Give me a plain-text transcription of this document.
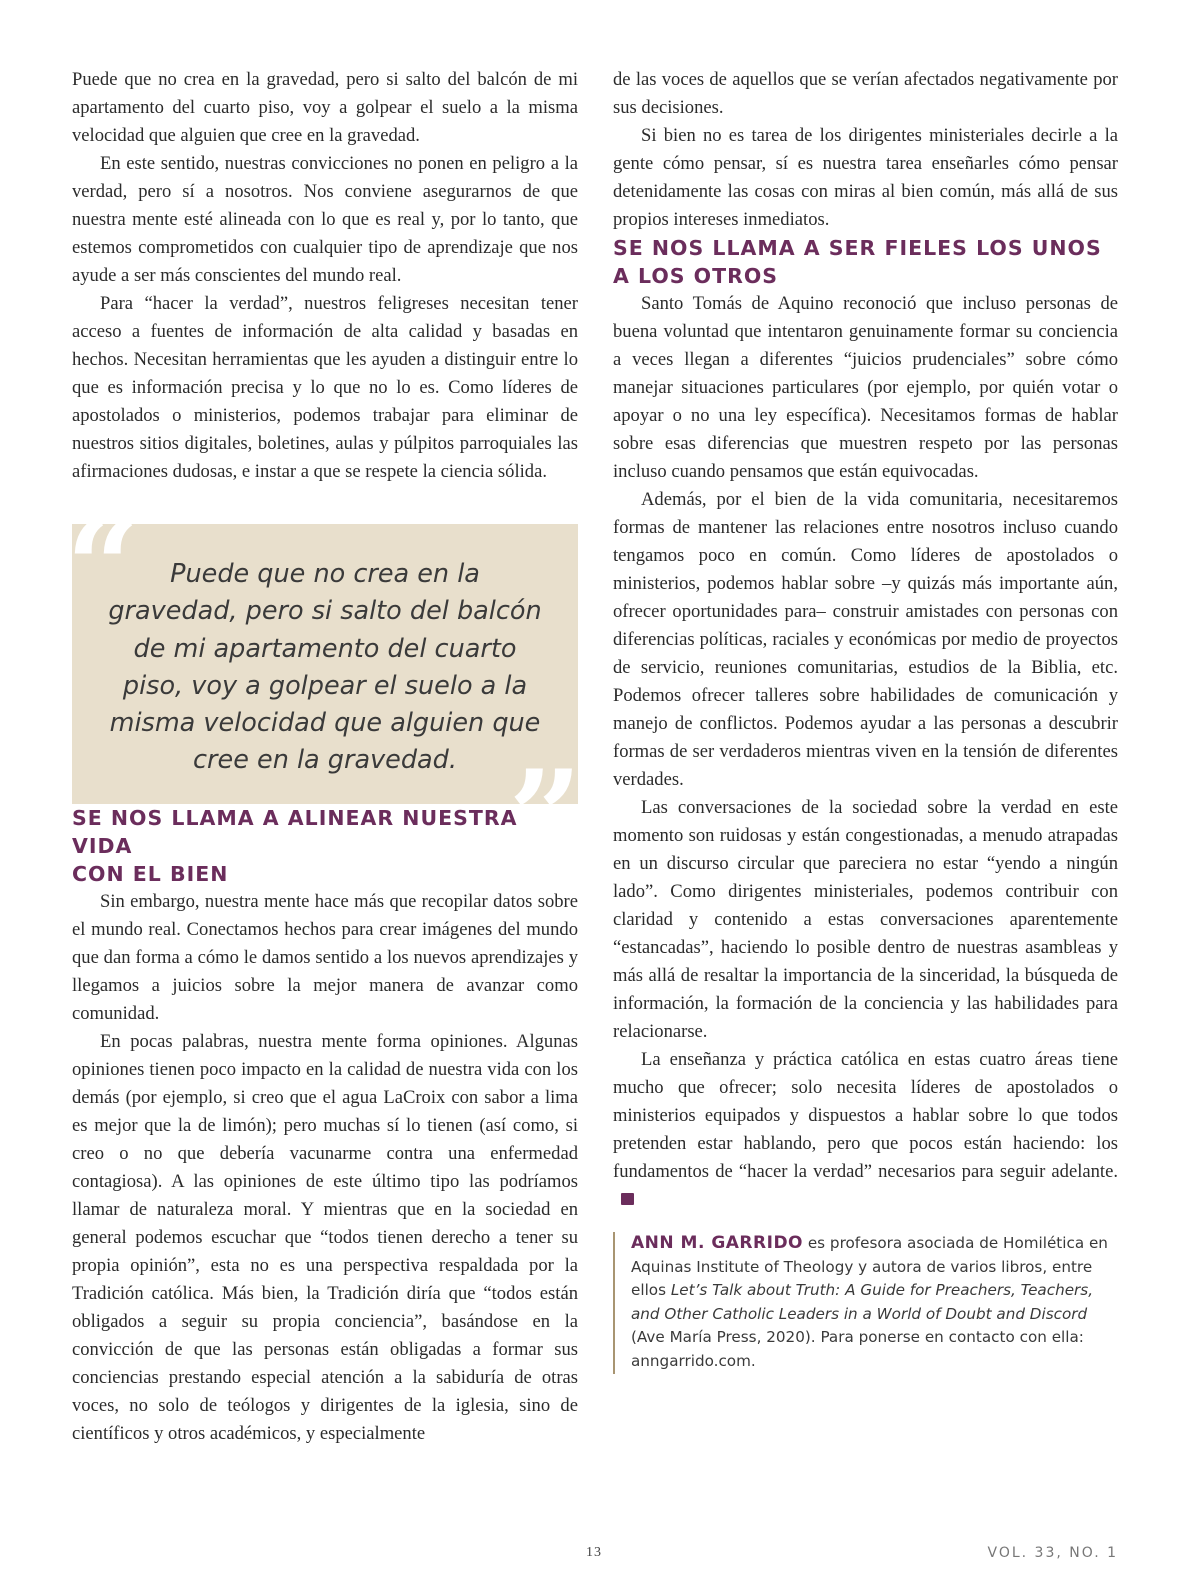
Puede que no crea en la gravedad, pero si salto del balcón de mi apartamento del cuarto piso, voy a golpear el suelo a la misma velocidad que alguien que cree en la gravedad.

En este sentido, nuestras convicciones no ponen en peligro a la verdad, pero sí a nosotros. Nos conviene asegurarnos de que nuestra mente esté alineada con lo que es real y, por lo tanto, que estemos comprometidos con cualquier tipo de aprendizaje que nos ayude a ser más conscientes del mundo real.

Para “hacer la verdad”, nuestros feligreses necesitan tener acceso a fuentes de información de alta calidad y basadas en hechos. Necesitan herramientas que les ayuden a distinguir entre lo que es información precisa y lo que no lo es. Como líderes de apostolados o ministerios, podemos trabajar para eliminar de nuestros sitios digitales, boletines, aulas y púlpitos parroquiales las afirmaciones dudosas, e instar a que se respete la ciencia sólida.

“	Puede que no crea en la gravedad, pero si salto del balcón de mi apartamento del cuarto piso, voy a golpear el suelo a la misma velocidad que alguien que cree en la gravedad. ”
SE NOS LLAMA A ALINEAR NUESTRA VIDA
CON EL BIEN

Sin embargo, nuestra mente hace más que recopilar datos sobre el mundo real. Conectamos hechos para crear imágenes del mundo que dan forma a cómo le damos sentido a los nuevos aprendizajes y llegamos a juicios sobre la mejor manera de avanzar como comunidad.

En pocas palabras, nuestra mente forma opiniones. Algunas opiniones tienen poco impacto en la calidad de nuestra vida con los demás (por ejemplo, si creo que el agua LaCroix con sabor a lima es mejor que la de limón); pero muchas sí lo tienen (así como, si creo o no que debería vacunarme contra una enfermedad contagiosa). A las opiniones de este último tipo las podríamos llamar de naturaleza moral. Y mientras que en la sociedad en general podemos escuchar que “todos tienen derecho a tener su propia opinión”, esta no es una perspectiva respaldada por la Tradición católica. Más bien, la Tradición diría que “todos están obligados a seguir su propia conciencia”, basándose en la convicción de que las personas están obligadas a formar sus conciencias prestando especial atención a la sabiduría de otras voces, no solo de teólogos y dirigentes de la iglesia, sino de científicos y otros académicos, y especialmente

de las voces de aquellos que se verían afectados negativamente por sus decisiones.

Si bien no es tarea de los dirigentes ministeriales decirle a la gente cómo pensar, sí es nuestra tarea enseñarles cómo pensar detenidamente las cosas con miras al bien común, más allá de sus propios intereses inmediatos.

SE NOS LLAMA A SER FIELES LOS UNOS
A LOS OTROS

Santo Tomás de Aquino reconoció que incluso personas de buena voluntad que intentaron genuinamente formar su conciencia a veces llegan a diferentes “juicios prudenciales” sobre cómo manejar situaciones particulares (por ejemplo, por quién votar o apoyar o no una ley específica). Necesitamos formas de hablar sobre esas diferencias que muestren respeto por las personas incluso cuando pensamos que están equivocadas.

Además, por el bien de la vida comunitaria, necesitaremos formas de mantener las relaciones entre nosotros incluso cuando tengamos poco en común. Como líderes de apostolados o ministerios, podemos hablar sobre –y quizás más importante aún, ofrecer oportunidades para– construir amistades con personas con diferencias políticas, raciales y económicas por medio de proyectos de servicio, reuniones comunitarias, estudios de la Biblia, etc. Podemos ofrecer talleres sobre habilidades de comunicación y manejo de conflictos. Podemos ayudar a las personas a descubrir formas de ser verdaderos mientras viven en la tensión de diferentes verdades.

Las conversaciones de la sociedad sobre la verdad en este momento son ruidosas y están congestionadas, a menudo atrapadas en un discurso circular que pareciera no estar “yendo a ningún lado”. Como dirigentes ministeriales, podemos contribuir con claridad y contenido a estas conversaciones aparentemente “estancadas”, haciendo lo posible dentro de nuestras asambleas y más allá de resaltar la importancia de la sinceridad, la búsqueda de información, la formación de la conciencia y las habilidades para relacionarse.

La enseñanza y práctica católica en estas cuatro áreas tiene mucho que ofrecer; solo necesita líderes de apostolados o ministerios equipados y dispuestos a hablar sobre lo que todos pretenden estar hablando, pero que pocos están haciendo: los fundamentos de “hacer la verdad” necesarios para seguir adelante.

ANN M. GARRIDO es profesora asociada de Homilética en Aquinas Institute of Theology y autora de varios libros, entre ellos Let’s Talk about Truth: A Guide for Preachers, Teachers, and Other Catholic Leaders in a World of Doubt and Discord (Ave María Press, 2020). Para ponerse en contacto con ella: anngarrido.com.
13	VOL. 33, NO. 1
